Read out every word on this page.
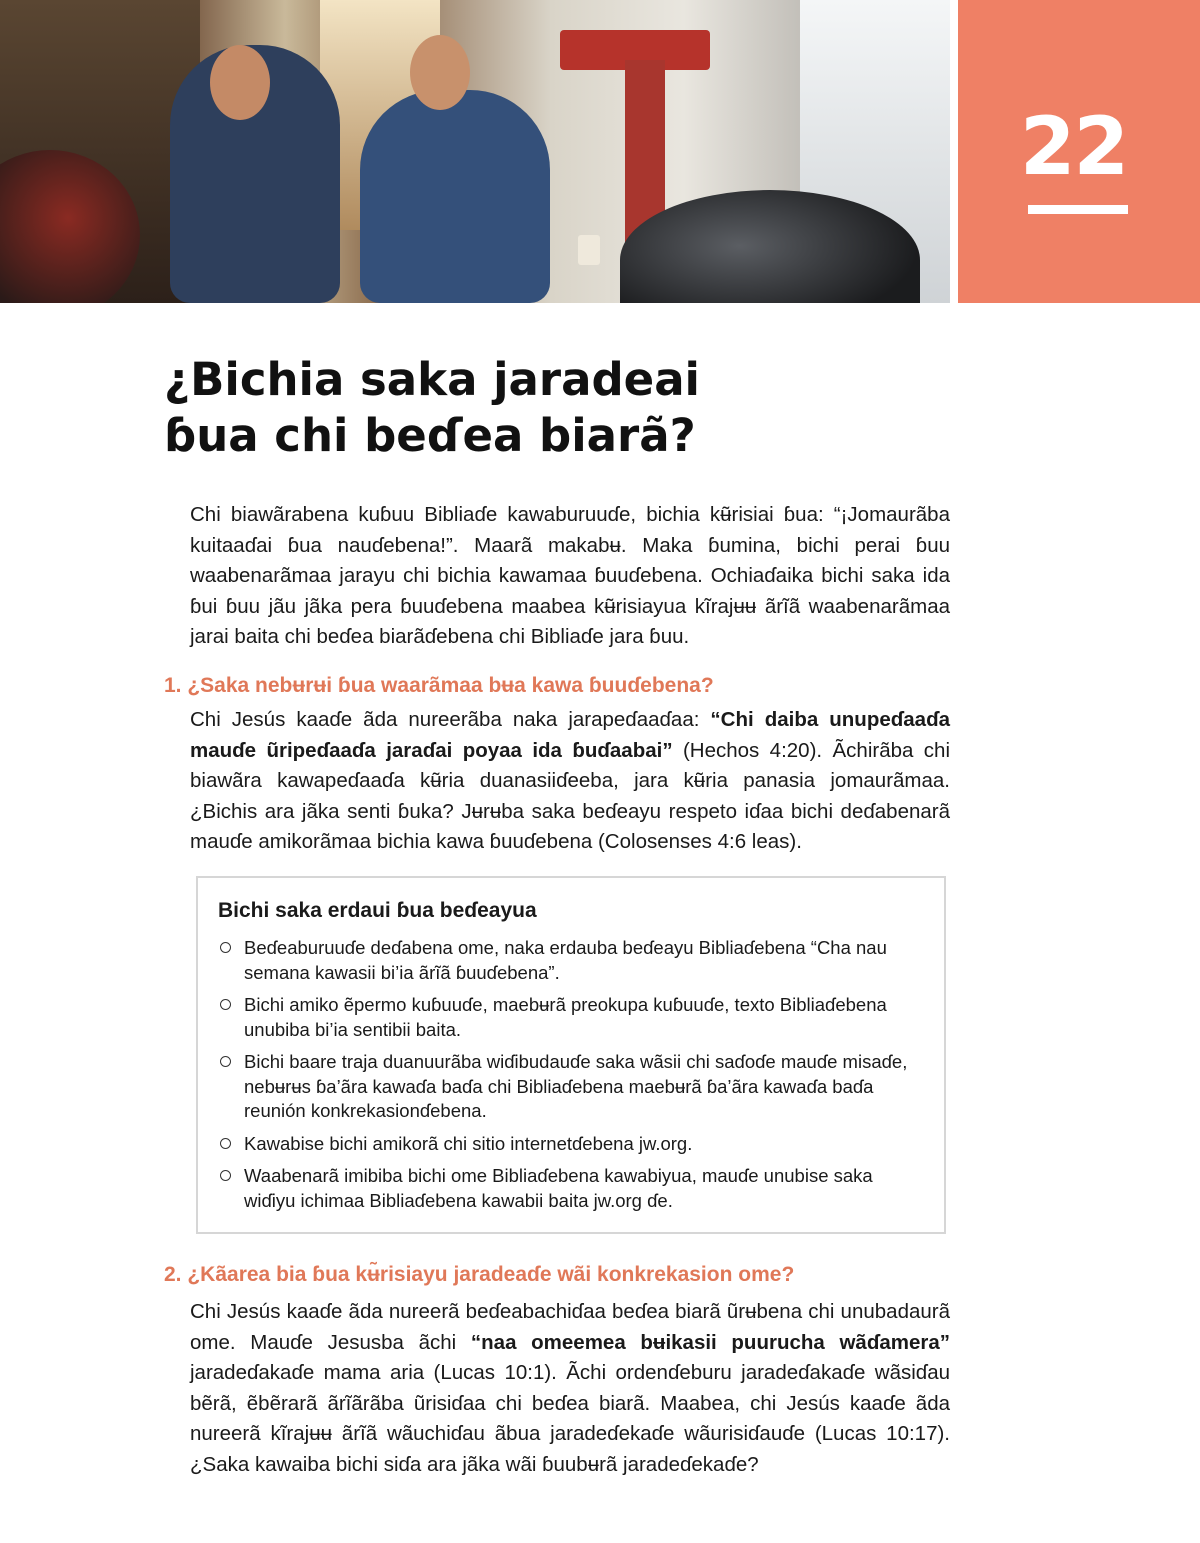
22
¿Bichia saka jaradeai
ɓua chi beɗea biarã?

Chi biawãrabena kuɓuu Bibliaɗe kawaburuuɗe, bichia kʉ̃risiai ɓua: “¡Jomaurãba kuitaaɗai ɓua nauɗebena!”. Maarã makabʉ. Maka ɓumina, bichi perai ɓuu waabenarãmaa jarayu chi bichia kawamaa ɓuuɗebena. Ochiaɗaika bichi saka ida ɓui ɓuu jãu jãka pera ɓuuɗebena maabea kʉ̃risiayua kĩrajʉʉ ãrĩã waabenarãmaa jarai baita chi beɗea biarãɗebena chi Bibliaɗe jara ɓuu.

1. ¿Saka nebʉrʉi ɓua waarãmaa bʉa kawa ɓuuɗebena?

Chi Jesús kaaɗe ãda nureerãba naka jarapeɗaaɗaa: “Chi daiba unupeɗaaɗa mauɗe ũripeɗaaɗa jaraɗai poyaa ida ɓuɗaabai” (Hechos 4:20). Ãchirãba chi biawãra kawapeɗaaɗa kʉ̃ria duanasiiɗeeba, jara kʉ̃ria panasia jomaurãmaa. ¿Bichis ara jãka senti ɓuka? Jʉrʉba saka beɗeayu respeto iɗaa bichi deɗabenarã mauɗe amikorãmaa bichia kawa ɓuuɗebena (Colosenses 4:6 leas).

Bichi saka erdaui ɓua beɗeayua
Beɗeaburuuɗe deɗabena ome, naka erdauba beɗeayu Bibliaɗebena “Cha nau semana kawasii bi’ia ãrĩã ɓuuɗebena”.
Bichi amiko ẽpermo kuɓuuɗe, maebʉrã preokupa kuɓuuɗe, texto Bibliaɗebena unubiba bi’ia sentibii baita.
Bichi baare traja duanuurãba wiɗibudauɗe saka wãsii chi saɗoɗe mauɗe misaɗe, nebʉrʉs ɓa’ãra kawaɗa baɗa chi Bibliaɗebena maebʉrã ɓa’ãra kawaɗa baɗa reunión konkrekasionɗebena.
Kawabise bichi amikorã chi sitio internetɗebena jw.org.
Waabenarã imibiba bichi ome Bibliaɗebena kawabiyua, mauɗe unubise saka wiɗiyu ichimaa Bibliaɗebena kawabii baita jw.org ɗe.
2. ¿Kãarea bia ɓua kʉ̃risiayu jaradeaɗe wãi konkrekasion ome?

Chi Jesús kaaɗe ãda nureerã beɗeabachiɗaa beɗea biarã ũrʉbena chi unubadaurã ome. Mauɗe Jesusba ãchi “naa omeemea bʉikasii puurucha wãɗamera” jaradeɗakaɗe mama aria (Lucas 10:1). Ãchi ordenɗeburu jaradeɗakaɗe wãsiɗau bẽrã, ẽbẽrarã ãrĩãrãba ũrisiɗaa chi beɗea biarã. Maabea, chi Jesús kaaɗe ãda nureerã kĩrajʉʉ ãrĩã wãuchiɗau ãbua jaradeɗekaɗe wãurisiɗauɗe (Lucas 10:17). ¿Saka kawaiba bichi siɗa ara jãka wãi ɓuubʉrã jaradeɗekaɗe?
